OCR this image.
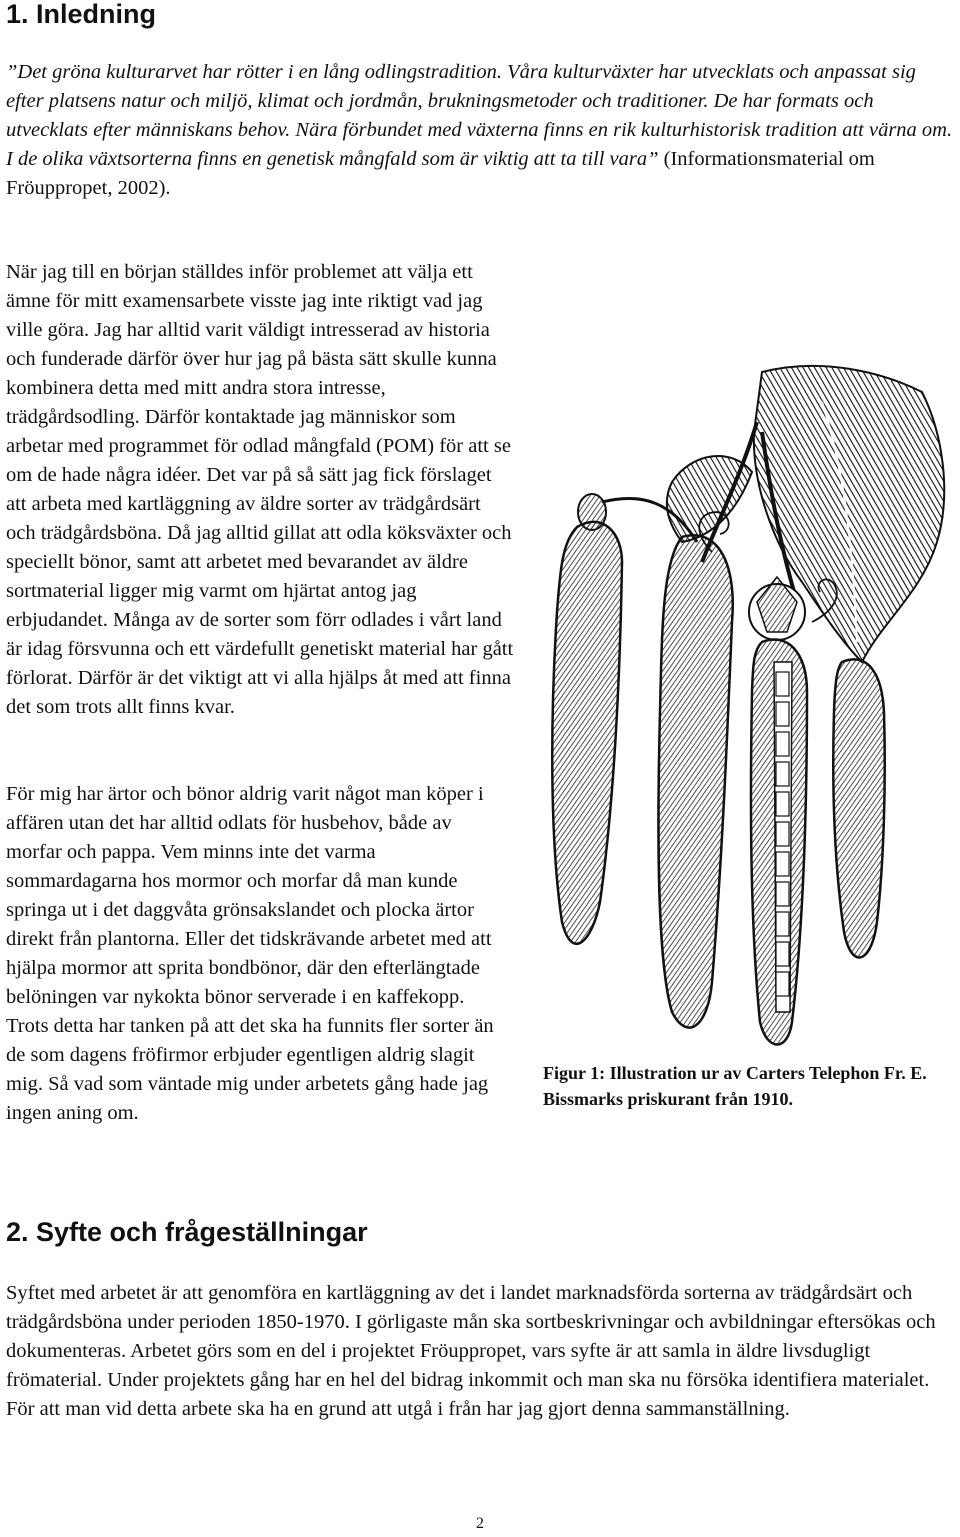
1. Inledning

”Det gröna kulturarvet har rötter i en lång odlingstradition. Våra kulturväxter har utvecklats och anpassat sig efter platsens natur och miljö, klimat och jordmån, brukningsmetoder och traditioner. De har formats och utvecklats efter människans behov. Nära förbundet med växterna finns en rik kulturhistorisk tradition att värna om. I de olika växtsorterna finns en genetisk mångfald som är viktig att ta till vara” (Informationsmaterial om Fröuppropet, 2002).

När jag till en början ställdes inför problemet att välja ett ämne för mitt examensarbete visste jag inte riktigt vad jag ville göra. Jag har alltid varit väldigt intresserad av historia och funderade därför över hur jag på bästa sätt skulle kunna kombinera detta med mitt andra stora intresse, trädgårdsodling. Därför kontaktade jag människor som arbetar med programmet för odlad mångfald (POM) för att se om de hade några idéer. Det var på så sätt jag fick förslaget att arbeta med kartläggning av äldre sorter av trädgårdsärt och trädgårdsböna. Då jag alltid gillat att odla köksväxter och speciellt bönor, samt att arbetet med bevarandet av äldre sortmaterial ligger mig varmt om hjärtat antog jag erbjudandet. Många av de sorter som förr odlades i vårt land är idag försvunna och ett värdefullt genetiskt material har gått förlorat. Därför är det viktigt att vi alla hjälps åt med att finna det som trots allt finns kvar.

För mig har ärtor och bönor aldrig varit något man köper i affären utan det har alltid odlats för husbehov, både av morfar och pappa. Vem minns inte det varma sommardagarna hos mormor och morfar då man kunde springa ut i det daggvåta grönsakslandet och plocka ärtor direkt från plantorna. Eller det tidskrävande arbetet med att hjälpa mormor att sprita bondbönor, där den efterlängtade belöningen var nykokta bönor serverade i en kaffekopp. Trots detta har tanken på att det ska ha funnits fler sorter än de som dagens fröfirmor erbjuder egentligen aldrig slagit mig. Så vad som väntade mig under arbetets gång hade jag ingen aning om.

Figur 1: Illustration ur av Carters Telephon Fr. E. Bissmarks priskurant från 1910.
2. Syfte och frågeställningar

Syftet med arbetet är att genomföra en kartläggning av det i landet marknadsförda sorterna av trädgårdsärt och trädgårdsböna under perioden 1850-1970. I görligaste mån ska sortbeskrivningar och avbildningar eftersökas och dokumenteras. Arbetet görs som en del i projektet Fröuppropet, vars syfte är att samla in äldre livsdugligt frömaterial. Under projektets gång har en hel del bidrag inkommit och man ska nu försöka identifiera materialet. För att man vid detta arbete ska ha en grund att utgå i från har jag gjort denna sammanställning.

2
